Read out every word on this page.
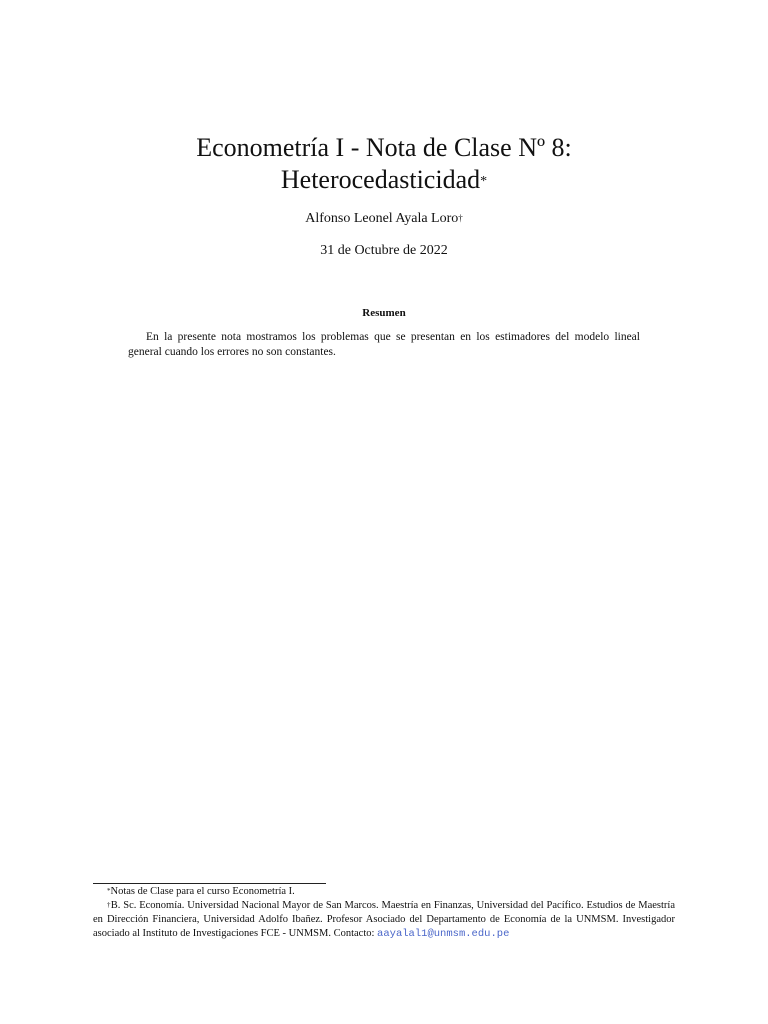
Econometría I - Nota de Clase Nº 8:
Heterocedasticidad*
Alfonso Leonel Ayala Loro†
31 de Octubre de 2022
Resumen

En la presente nota mostramos los problemas que se presentan en los estimadores del modelo lineal general cuando los errores no son constantes.

*Notas de Clase para el curso Econometría I.

†B. Sc. Economía. Universidad Nacional Mayor de San Marcos. Maestría en Finanzas, Universidad del Pacífico. Estudios de Maestría en Dirección Financiera, Universidad Adolfo Ibañez. Profesor Asociado del Departamento de Economía de la UNMSM. Investigador asociado al Instituto de Investigaciones FCE - UNMSM. Contacto: aayalal1@unmsm.edu.pe
